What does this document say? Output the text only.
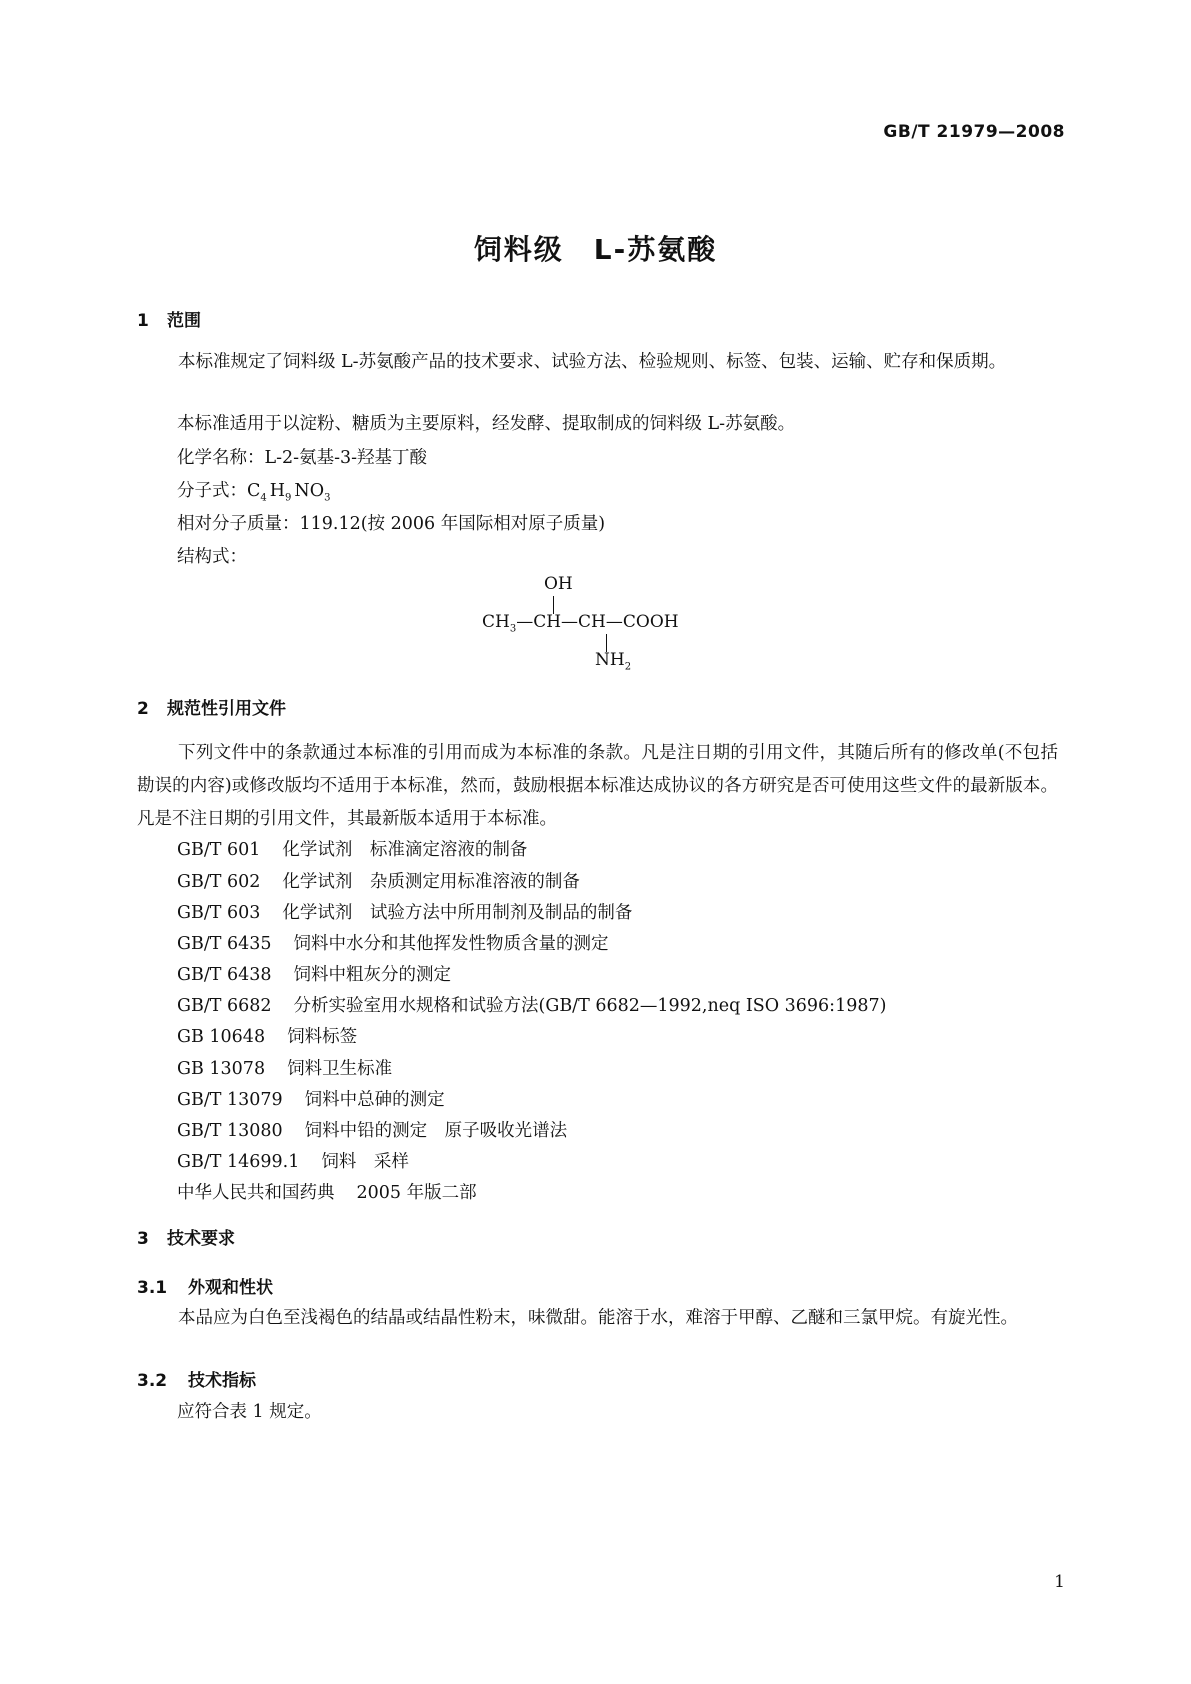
GB/T 21979—2008
饲料级　L-苏氨酸
1 范围
本标准规定了饲料级 L-苏氨酸产品的技术要求、试验方法、检验规则、标签、包装、运输、贮存和保质期。
本标准适用于以淀粉、糖质为主要原料，经发酵、提取制成的饲料级 L-苏氨酸。
化学名称：L-2-氨基-3-羟基丁酸
分子式：$C_4$ $H_9$ $NO_3$
相对分子质量：119.12(按 2006 年国际相对原子质量)
结构式：
OH
$CH_3—CH—CH—COOH$
$NH_2$
2 规范性引用文件
下列文件中的条款通过本标准的引用而成为本标准的条款。凡是注日期的引用文件，其随后所有的修改单(不包括勘误的内容)或修改版均不适用于本标准，然而，鼓励根据本标准达成协议的各方研究是否可使用这些文件的最新版本。凡是不注日期的引用文件，其最新版本适用于本标准。
GB/T 601 化学试剂　标准滴定溶液的制备
GB/T 602 化学试剂　杂质测定用标准溶液的制备
GB/T 603 化学试剂　试验方法中所用制剂及制品的制备
GB/T 6435 饲料中水分和其他挥发性物质含量的测定
GB/T 6438 饲料中粗灰分的测定
GB/T 6682 分析实验室用水规格和试验方法(GB/T 6682—1992,neq ISO 3696:1987)
GB 10648 饲料标签
GB 13078 饲料卫生标准
GB/T 13079 饲料中总砷的测定
GB/T 13080 饲料中铅的测定　原子吸收光谱法
GB/T 14699.1 饲料　采样
中华人民共和国药典 2005 年版二部
3 技术要求
3.1 外观和性状
本品应为白色至浅褐色的结晶或结晶性粉末，味微甜。能溶于水，难溶于甲醇、乙醚和三氯甲烷。有旋光性。
3.2 技术指标
应符合表 1 规定。
1
